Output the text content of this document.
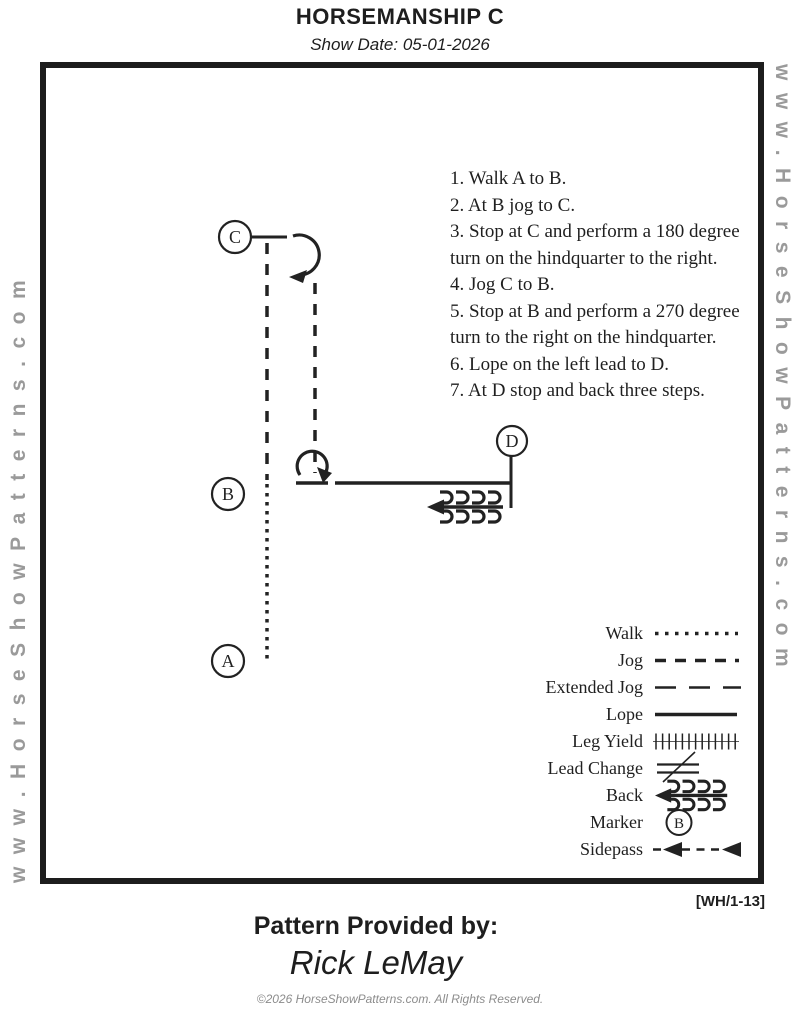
HORSEMANSHIP C
Show Date: 05-01-2026
www.HorseShowPatterns.com	www.HorseShowPatterns.com
C
B
A
D
1. Walk A to B.
2. At B jog to C.
3. Stop at C and perform a 180 degree turn on the hindquarter to the right.
4. Jog C to B.
5. Stop at B and perform a 270 degree turn to the right on the hindquarter.
6. Lope on the left lead to D.
7. At D stop and back three steps.
Walk
Jog
Extended Jog
Lope
Leg Yield
Lead Change
Back
Marker B
Sidepass
[WH/1-13]
Pattern Provided by:
Rick LeMay
©2026 HorseShowPatterns.com. All Rights Reserved.
